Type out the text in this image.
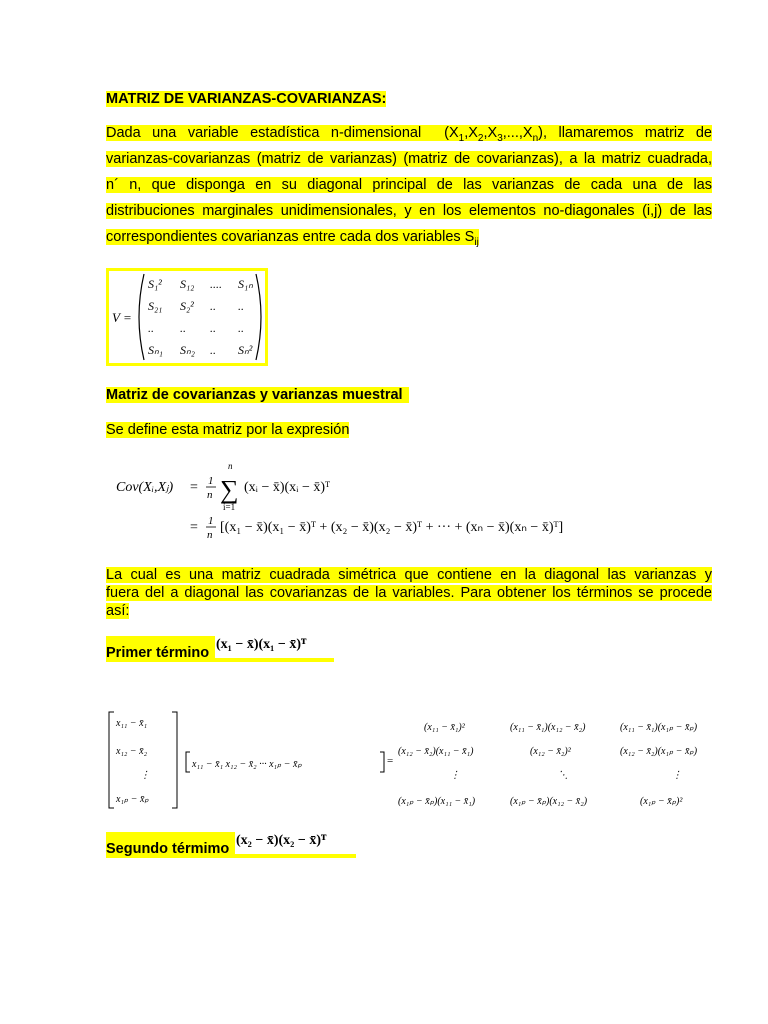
MATRIZ DE VARIANZAS-COVARIANZAS:
Dada una variable estadística n-dimensional  $(X_1,X_2,X_3,...,X_n)$, llamaremos matriz de
varianzas-covarianzas (matriz de varianzas) (matriz de covarianzas), a la matriz cuadrada,
n´ n, que disponga en su diagonal principal de las varianzas de cada una de las
distribuciones marginales unidimensionales, y en los elementos no-diagonales (i,j) de las
correspondientes covarianzas entre cada dos variables $S_{ij}$
V =
S₁² S₁₂ .... S₁ₙ
S₂₁ S₂² .. ..
.. .. .. ..
Sₙ₁ Sₙ₂ .. Sₙ²
Matriz de covarianzas y varianzas muestral
Se define esta matriz por la expresión
Cov(Xᵢ,Xⱼ) = 1
n
n
∑
i=1
(xᵢ − x̄)(xᵢ − x̄)ᵀ
= 1
n [(x₁ − x̄)(x₁ − x̄)ᵀ + (x₂ − x̄)(x₂ − x̄)ᵀ + ··· + (xₙ − x̄)(xₙ − x̄)ᵀ]
La cual es una matriz cuadrada simétrica que contiene en la diagonal las varianzas y
fuera del a diagonal las covarianzas de la variables. Para obtener los términos se procede
así:
Primer término
(x₁ − x̄)(x₁ − x̄)ᵀ
x₁₁ − x̄₁
x₁₂ − x̄₂
⋮
x₁ₚ − x̄ₚ
x₁₁ − x̄₁ x₁₂ − x̄₂ ··· x₁ₚ − x̄ₚ	=
(x₁₁ − x̄₁)²	(x₁₁ − x̄₁)(x₁₂ − x̄₂)	(x₁₁ − x̄₁)(x₁ₚ − x̄ₚ)
(x₁₂ − x̄₂)(x₁₁ − x̄₁)	(x₁₂ − x̄₂)²	(x₁₂ − x̄₂)(x₁ₚ − x̄ₚ)
⋮	⋱	⋮
(x₁ₚ − x̄ₚ)(x₁₁ − x̄₁)	(x₁ₚ − x̄ₚ)(x₁₂ − x̄₂)	(x₁ₚ − x̄ₚ)²
Segundo térmimo
(x₂ − x̄)(x₂ − x̄)ᵀ
